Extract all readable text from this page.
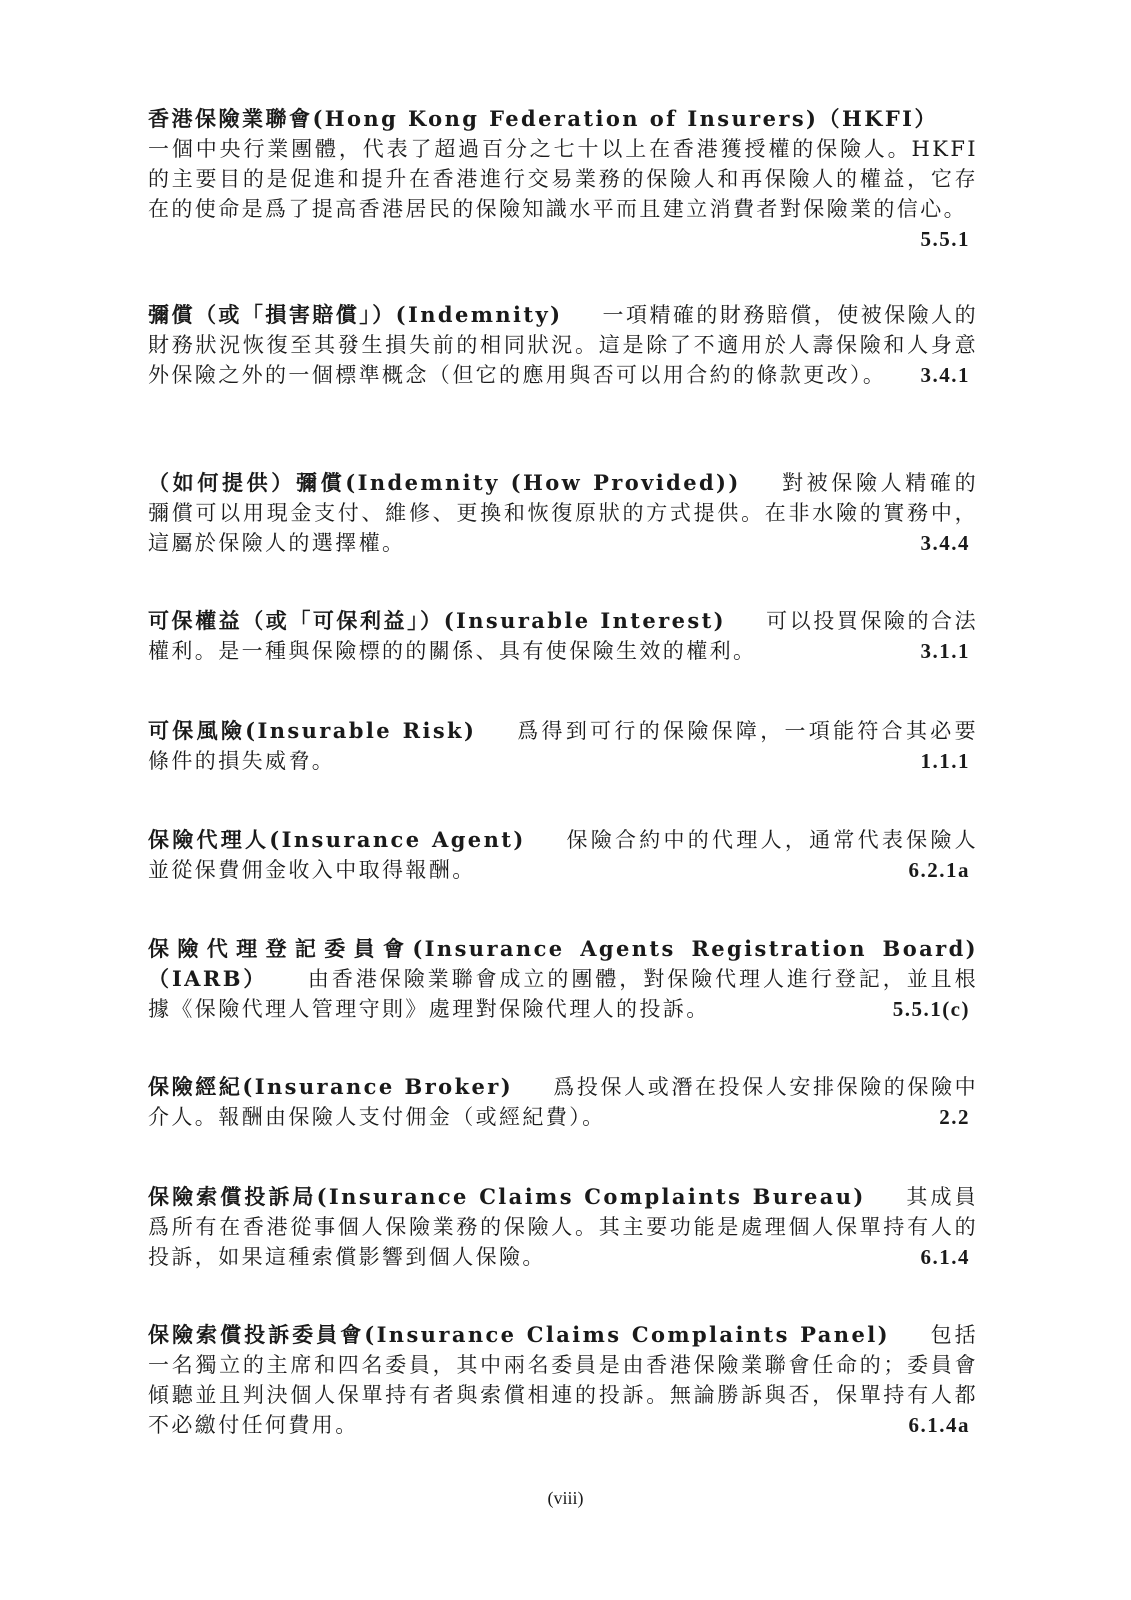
香港保險業聯會(Hong Kong Federation of Insurers)（HKFI）一個中央行業團體，代表了超過百分之七十以上在香港獲授權的保險人。HKFI 的主要目的是促進和提升在香港進行交易業務的保險人和再保險人的權益，它存在的使命是爲了提高香港居民的保險知識水平而且建立消費者對保險業的信心。
5.5.1

彌償（或「損害賠償」）(Indemnity) 一項精確的財務賠償，使被保險人的財務狀況恢復至其發生損失前的相同狀況。這是除了不適用於人壽保險和人身意外保險之外的一個標準概念（但它的應用與否可以用合約的條款更改）。 3.4.1

（如何提供）彌償(Indemnity (How Provided)) 對被保險人精確的彌償可以用現金支付、維修、更換和恢復原狀的方式提供。在非水險的實務中，這屬於保險人的選擇權。	3.4.4

可保權益（或「可保利益」）(Insurable Interest) 可以投買保險的合法權利。是一種與保險標的的關係、具有使保險生效的權利。	3.1.1

可保風險(Insurable Risk) 爲得到可行的保險保障，一項能符合其必要條件的損失威脅。	1.1.1

保險代理人(Insurance Agent) 保險合約中的代理人，通常代表保險人並從保費佣金收入中取得報酬。	6.2.1a

保險代理登記委員會(Insurance Agents Registration Board)（IARB） 由香港保險業聯會成立的團體，對保險代理人進行登記，並且根據《保險代理人管理守則》處理對保險代理人的投訴。	5.5.1(c)

保險經紀(Insurance Broker) 爲投保人或潛在投保人安排保險的保險中介人。報酬由保險人支付佣金（或經紀費）。	2.2

保險索償投訴局(Insurance Claims Complaints Bureau) 其成員爲所有在香港從事個人保險業務的保險人。其主要功能是處理個人保單持有人的投訴，如果這種索償影響到個人保險。	6.1.4

保險索償投訴委員會(Insurance Claims Complaints Panel) 包括一名獨立的主席和四名委員，其中兩名委員是由香港保險業聯會任命的；委員會傾聽並且判決個人保單持有者與索償相連的投訴。無論勝訴與否，保單持有人都不必繳付任何費用。	6.1.4a

(viii)
